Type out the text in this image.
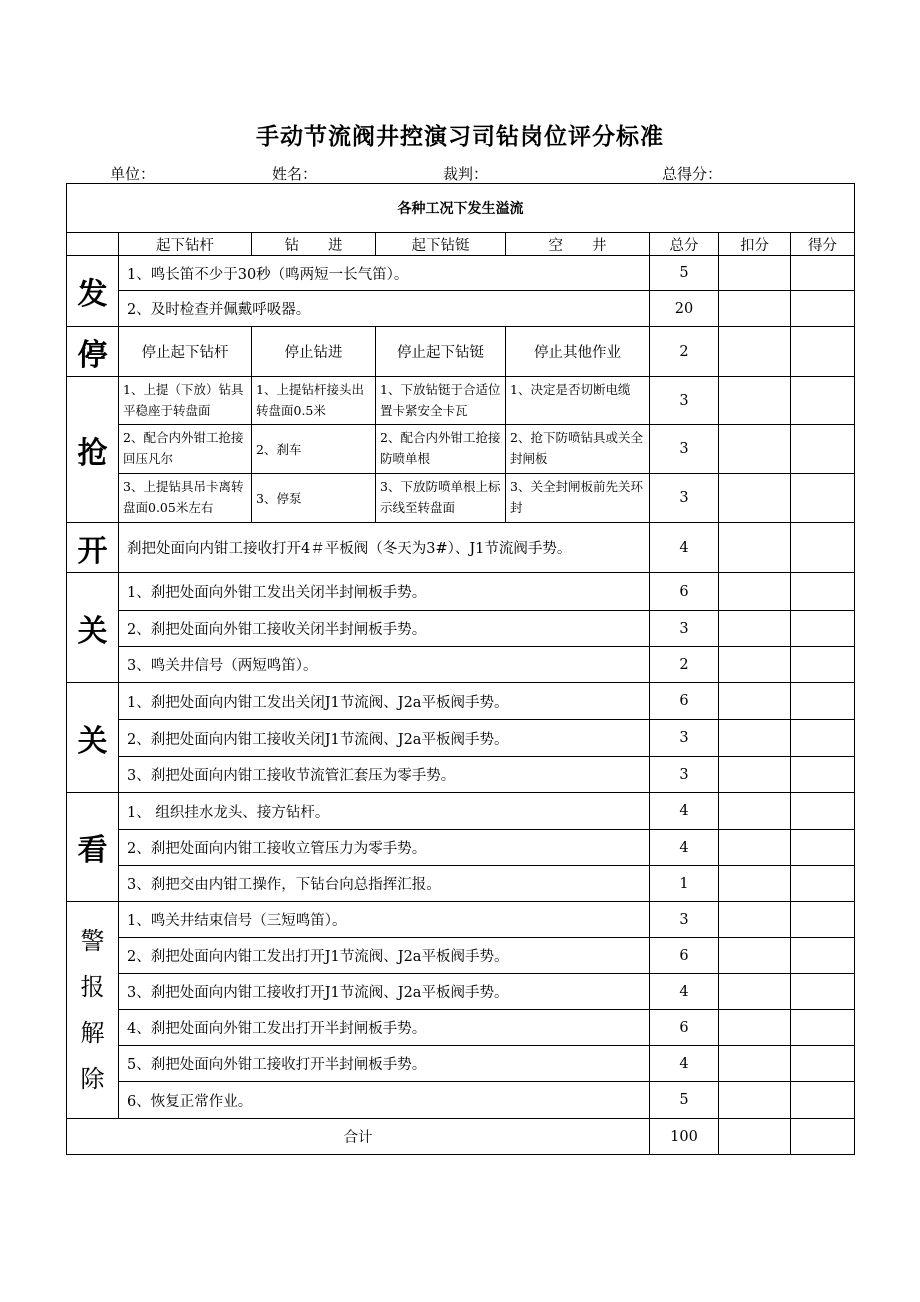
手动节流阀井控演习司钻岗位评分标准
单位：	姓名：	裁判：	总得分：
各种工况下发生溢流							
	起下钻杆	钻　　进	起下钻铤	空　　井	总分	扣分	得分
发	1、鸣长笛不少于30秒（鸣两短一长气笛）。				5		
	2、及时检查并佩戴呼吸器。				20		
停	停止起下钻杆	停止钻进	停止起下钻铤	停止其他作业	2		
抢	1、上提（下放）钻具平稳座于转盘面	1、上提钻杆接头出转盘面0.5米	1、下放钻铤于合适位置卡紧安全卡瓦	1、决定是否切断电缆	3		
	2、配合内外钳工抢接回压凡尔	2、刹车	2、配合内外钳工抢接防喷单根	2、抢下防喷钻具或关全封闸板	3		
	3、上提钻具吊卡离转盘面0.05米左右	3、停泵	3、下放防喷单根上标示线至转盘面	3、关全封闸板前先关环封	3		
开	刹把处面向内钳工接收打开4＃平板阀（冬天为3#）、J1节流阀手势。				4		
关	1、刹把处面向外钳工发出关闭半封闸板手势。				6		
	2、刹把处面向外钳工接收关闭半封闸板手势。				3		
	3、鸣关井信号（两短鸣笛）。				2		
关	1、刹把处面向内钳工发出关闭J1节流阀、J2a平板阀手势。				6		
	2、刹把处面向内钳工接收关闭J1节流阀、J2a平板阀手势。				3		
	3、刹把处面向内钳工接收节流管汇套压为零手势。				3		
看	1、 组织挂水龙头、接方钻杆。				4		
	2、刹把处面向内钳工接收立管压力为零手势。				4		
	3、刹把交由内钳工操作，下钻台向总指挥汇报。				1		

警
报
解
除	1、鸣关井结束信号（三短鸣笛）。				3		
	2、刹把处面向内钳工发出打开J1节流阀、J2a平板阀手势。				6		
	3、刹把处面向内钳工接收打开J1节流阀、J2a平板阀手势。				4		
	4、刹把处面向外钳工发出打开半封闸板手势。				6		
	5、刹把处面向外钳工接收打开半封闸板手势。				4		
	6、恢复正常作业。				5		
合计					100		
